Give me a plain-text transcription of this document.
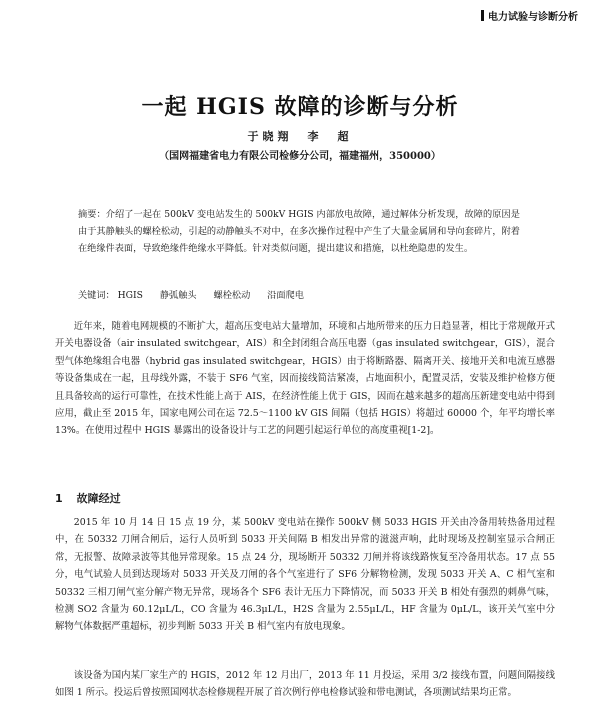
电力试验与诊断分析
一起 HGIS 故障的诊断与分析
于晓翔　李　超
（国网福建省电力有限公司检修分公司，福建福州，350000）
摘要：介绍了一起在 500kV 变电站发生的 500kV HGIS 内部放电故障，通过解体分析发现，故障的原因是由于其静触头的螺栓松动，引起的动静触头不对中，在多次操作过程中产生了大量金属屑和导向套碎片，附着在绝缘件表面，导致绝缘件绝缘水平降低。针对类似问题，提出建议和措施，以杜绝隐患的发生。
关键词： HGIS 静弧触头 螺栓松动 沿面爬电
近年来，随着电网规模的不断扩大，超高压变电站大量增加，环境和占地所带来的压力日趋显著，相比于常规敞开式开关电器设备（air insulated switchgear，AIS）和全封闭组合高压电器（gas insulated switchgear，GIS），混合型气体绝缘组合电器（hybrid gas insulated switchgear，HGIS）由于将断路器、隔离开关、接地开关和电流互感器等设备集成在一起，且母线外露，不装于 SF6 气室，因而接线简洁紧凑，占地面积小，配置灵活，安装及维护检修方便且具备较高的运行可靠性，在技术性能上高于 AIS，在经济性能上优于 GIS，因而在越来越多的超高压新建变电站中得到应用，截止至 2015 年，国家电网公司在运 72.5～1100 kV GIS 间隔（包括 HGIS）将超过 60000 个，年平均增长率 13%。在使用过程中 HGIS 暴露出的设备设计与工艺的问题引起运行单位的高度重视[1-2]。
1 故障经过
2015 年 10 月 14 日 15 点 19 分，某 500kV 变电站在操作 500kV 侧 5033 HGIS 开关由冷备用转热备用过程中，在 50332 刀闸合闸后，运行人员听到 5033 开关间隔 B 相发出异常的滋滋声响，此时现场及控制室显示合闸正常，无报警、故障录波等其他异常现象。15 点 24 分，现场断开 50332 刀闸并将该线路恢复至冷备用状态。17 点 55 分，电气试验人员到达现场对 5033 开关及刀闸的各个气室进行了 SF6 分解物检测，发现 5033 开关 A、C 相气室和 50332 三相刀闸气室分解产物无异常，现场各个 SF6 表计无压力下降情况，而 5033 开关 B 相处有强烈的刺鼻气味，检测 SO2 含量为 60.12μL/L，CO 含量为 46.3μL/L，H2S 含量为 2.55μL/L，HF 含量为 0μL/L，该开关气室中分解物气体数据严重超标，初步判断 5033 开关 B 相气室内有放电现象。
该设备为国内某厂家生产的 HGIS，2012 年 12 月出厂，2013 年 11 月投运，采用 3/2 接线布置，问题间隔接线如图 1 所示。投运后曾按照国网状态检修规程开展了首次例行停电检修试验和带电测试，各项测试结果均正常。
